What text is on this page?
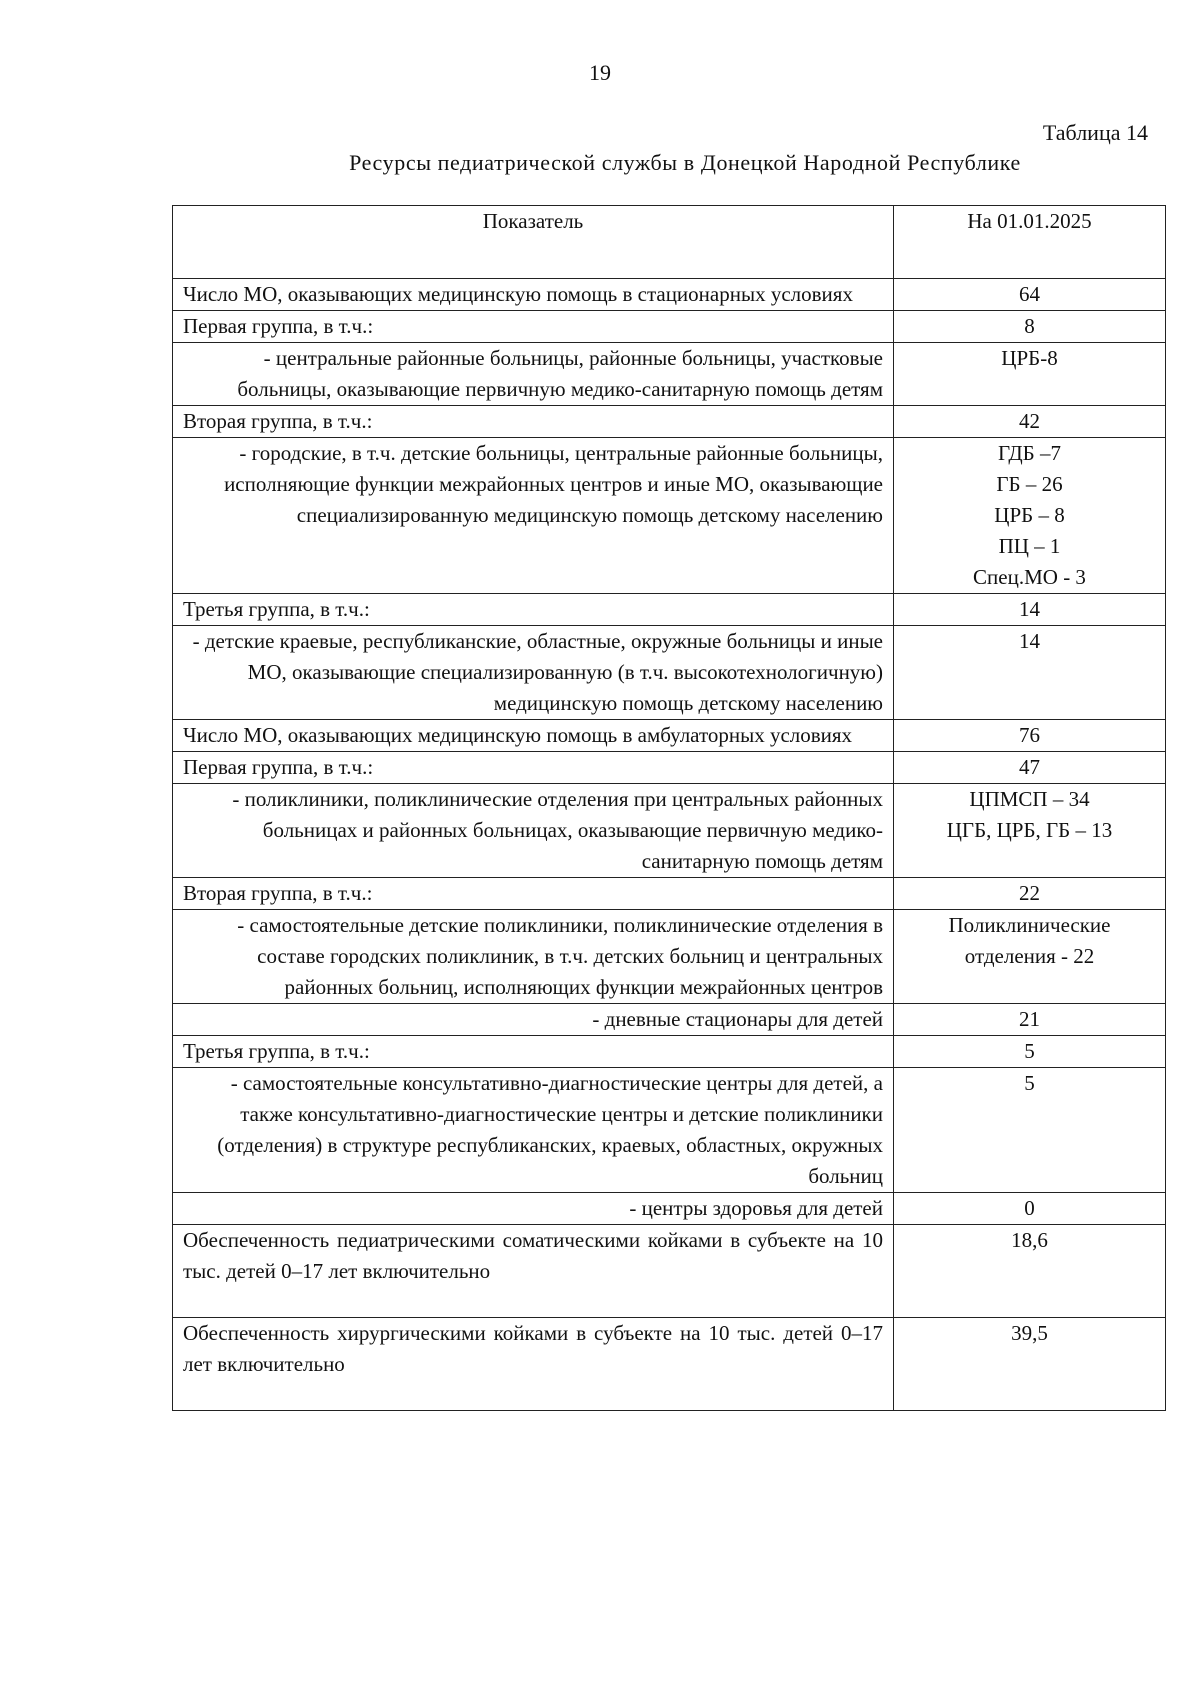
19
Таблица 14
Ресурсы педиатрической службы в Донецкой Народной Республике
Показатель	На 01.01.2025
Число МО, оказывающих медицинскую помощь в стационарных условиях	64

Первая группа, в т.ч.:	8

- центральные районные больницы, районные больницы, участковые больницы, оказывающие первичную медико-санитарную помощь детям	ЦРБ-8

Вторая группа, в т.ч.:	42

- городские, в т.ч. детские больницы, центральные районные больницы, исполняющие функции межрайонных центров и иные МО, оказывающие специализированную медицинскую помощь детскому населению	ГДБ –7
ГБ – 26
ЦРБ – 8
ПЦ – 1
Спец.МО - 3

Третья группа, в т.ч.:	14

- детские краевые, республиканские, областные, окружные больницы и иные МО, оказывающие специализированную (в т.ч. высокотехнологичную) медицинскую помощь детскому населению	14

Число МО, оказывающих медицинскую помощь в амбулаторных условиях	76

Первая группа, в т.ч.:	47

- поликлиники, поликлинические отделения при центральных районных больницах и районных больницах, оказывающие первичную медико-санитарную помощь детям	ЦПМСП – 34
ЦГБ, ЦРБ, ГБ – 13

Вторая группа, в т.ч.:	22

- самостоятельные детские поликлиники, поликлинические отделения в составе городских поликлиник, в т.ч. детских больниц и центральных районных больниц, исполняющих функции межрайонных центров	Поликлинические
отделения - 22

- дневные стационары для детей	21

Третья группа, в т.ч.:	5

- самостоятельные консультативно-диагностические центры для детей, а также консультативно-диагностические центры и детские поликлиники (отделения) в структуре республиканских, краевых, областных, окружных больниц	5

- центры здоровья для детей	0

Обеспеченность педиатрическими соматическими койками в субъекте на 10 тыс. детей 0–17 лет включительно	18,6

Обеспеченность хирургическими койками в субъекте на 10 тыс. детей 0–17 лет включительно	39,5
